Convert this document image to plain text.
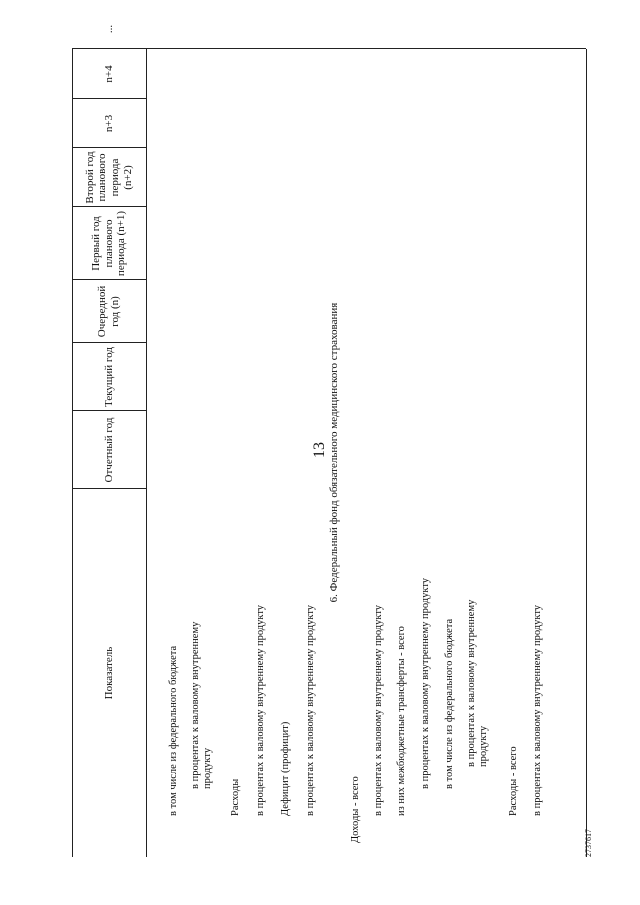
13
Показатель
Отчетный год
Текущий год
Очередной год (n)
Первый год планового периода (n+1)
Второй год планового периода (n+2)
n+3
n+4
...
в том числе из федерального бюджета в процентах к валовому внутреннему продукту
Расходы в процентах к валовому внутреннему продукту Дефицит (профицит) в процентах к валовому внутреннему продукту
6. Федеральный фонд обязательного медицинского страхования
Доходы - всего в процентах к валовому внутреннему продукту из них межбюджетные трансферты - всего в процентах к валовому внутреннему продукту в том числе из федерального бюджета в процентах к валовому внутреннему продукту Расходы - всего в процентах к валовому внутреннему продукту
2737617
